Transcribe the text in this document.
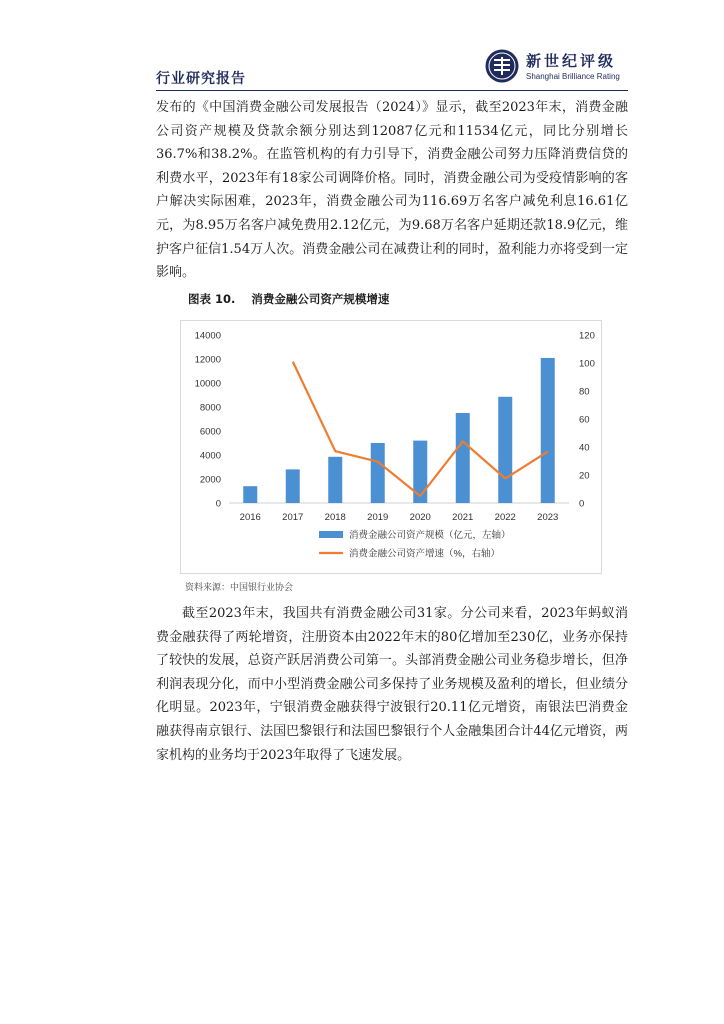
行业研究报告
新世纪评级
Shanghai Brilliance Rating

发布的《中国消费金融公司发展报告（2024）》显示，截至2023年末，消费金融公司资产规模及贷款余额分别达到12087亿元和11534亿元，同比分别增长36.7%和38.2%。在监管机构的有力引导下，消费金融公司努力压降消费信贷的利费水平，2023年有18家公司调降价格。同时，消费金融公司为受疫情影响的客户解决实际困难，2023年，消费金融公司为116.69万名客户减免利息16.61亿元，为8.95万名客户减免费用2.12亿元，为9.68万名客户延期还款18.9亿元，维护客户征信1.54万人次。消费金融公司在减费让利的同时，盈利能力亦将受到一定影响。

图表 10. 消费金融公司资产规模增速
0
2000
4000
6000
8000
10000
12000
14000
0
20
40
60
80
100
120
2016 2017 2018 2019 2020 2021 2022 2023
消费金融公司资产规模（亿元，左轴）
消费金融公司资产增速（%，右轴）
资料来源：中国银行业协会

截至2023年末，我国共有消费金融公司31家。分公司来看，2023年蚂蚁消费金融获得了两轮增资，注册资本由2022年末的80亿增加至230亿，业务亦保持了较快的发展，总资产跃居消费公司第一。头部消费金融公司业务稳步增长，但净利润表现分化，而中小型消费金融公司多保持了业务规模及盈利的增长，但业绩分化明显。2023年，宁银消费金融获得宁波银行20.11亿元增资，南银法巴消费金融获得南京银行、法国巴黎银行和法国巴黎银行个人金融集团合计44亿元增资，两家机构的业务均于2023年取得了飞速发展。
